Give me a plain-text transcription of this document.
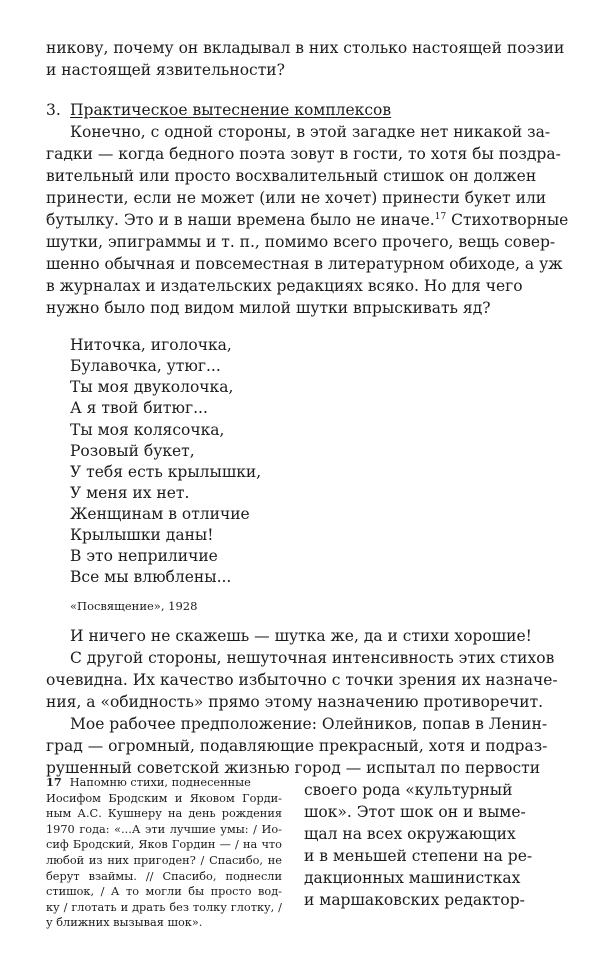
никову, почему он вкладывал в них столько настоящей поэзии
и настоящей язвительности?
3. Практическое вытеснение комплексов
Конечно, с одной стороны, в этой загадке нет никакой за-
гадки — когда бедного поэта зовут в гости, то хотя бы поздра-
вительный или просто восхвалительный стишок он должен
принести, если не может (или не хочет) принести букет или
бутылку. Это и в наши времена было не иначе.$^{17}$ Стихотворные
шутки, эпиграммы и т. п., помимо всего прочего, вещь совер-
шенно обычная и повсеместная в литературном обиходе, а уж
в журналах и издательских редакциях всяко. Но для чего
нужно было под видом милой шутки впрыскивать яд?
Ниточка, иголочка,
Булавочка, утюг...
Ты моя двуколочка,
А я твой битюг...
Ты моя колясочка,
Розовый букет,
У тебя есть крылышки,
У меня их нет.
Женщинам в отличие
Крылышки даны!
В это неприличие
Все мы влюблены...
«Посвящение», 1928
И ничего не скажешь — шутка же, да и стихи хорошие!
С другой стороны, нешуточная интенсивность этих стихов
очевидна. Их качество избыточно с точки зрения их назначе-
ния, а «обидность» прямо этому назначению противоречит.
Мое рабочее предположение: Олейников, попав в Ленин-
град — огромный, подавляющие прекрасный, хотя и подраз-
рушенный советской жизнью город — испытал по первости
своего рода «культурный
шок». Этот шок он и выме-
щал на всех окружающих
и в меньшей степени на ре-
дакционных машинистках
и маршаковских редактор-
17 Напомню стихи, поднесенные
Иосифом Бродским и Яковом Горди-
ным А.С. Кушнеру на день рождения
1970 года: «...А эти лучшие умы: / Ио-
сиф Бродский, Яков Гордин — / на что
любой из них пригоден? / Спасибо, не
берут взаймы. // Спасибо, поднесли
стишок, / А то могли бы просто вод-
ку / глотать и драть без толку глотку, /
у ближних вызывая шок».
